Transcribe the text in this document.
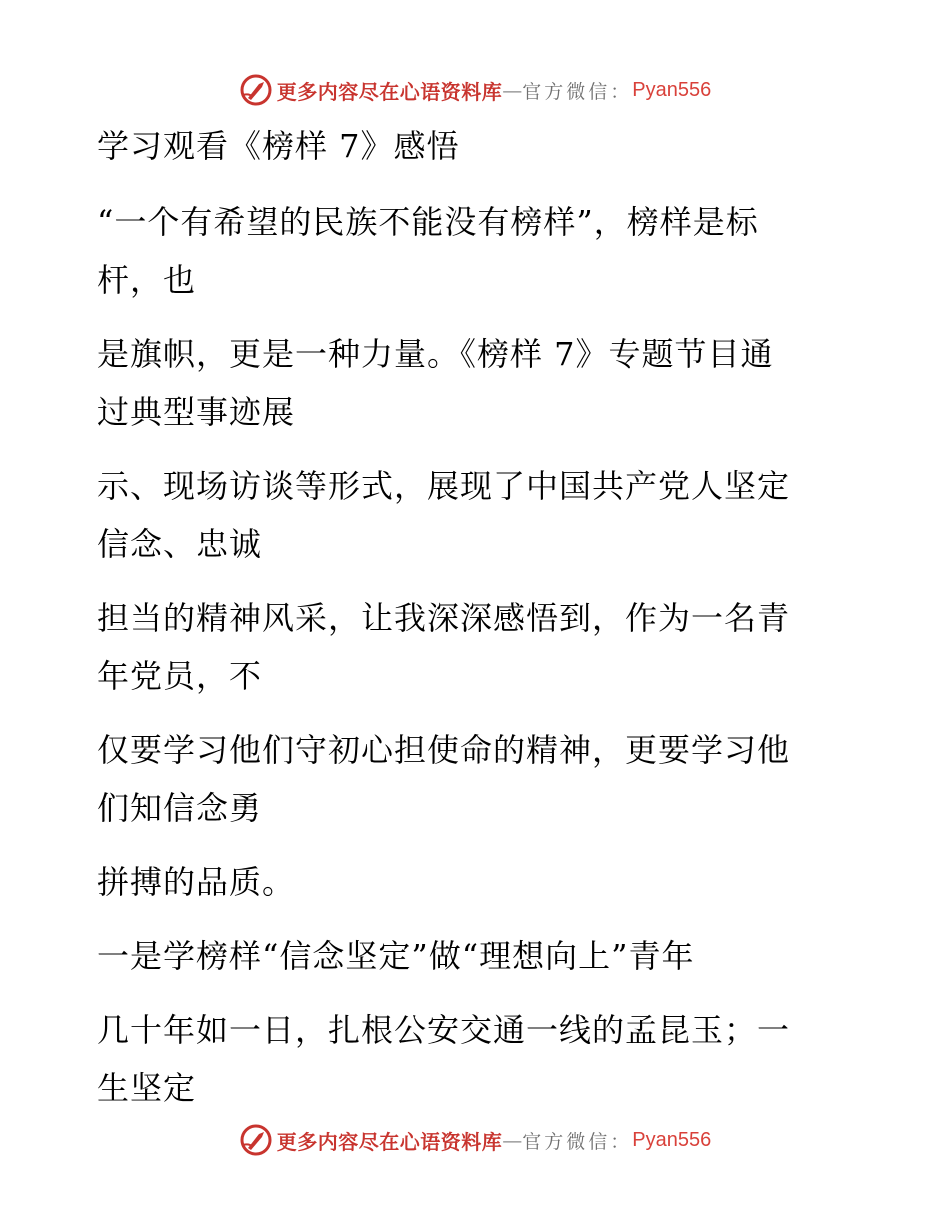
更多内容尽在心语资料库 — 官方微信： Pyan556
学习观看《榜样 7》感悟
“一个有希望的民族不能没有榜样”，榜样是标
杆，也
是旗帜，更是一种力量。《榜样 7》专题节目通
过典型事迹展
示、现场访谈等形式，展现了中国共产党人坚定
信念、忠诚
担当的精神风采，让我深深感悟到，作为一名青
年党员，不
仅要学习他们守初心担使命的精神，更要学习他
们知信念勇
拼搏的品质。
一是学榜样“信念坚定”做“理想向上”青年
几十年如一日，扎根公安交通一线的孟昆玉；一
生坚定
更多内容尽在心语资料库 — 官方微信： Pyan556
